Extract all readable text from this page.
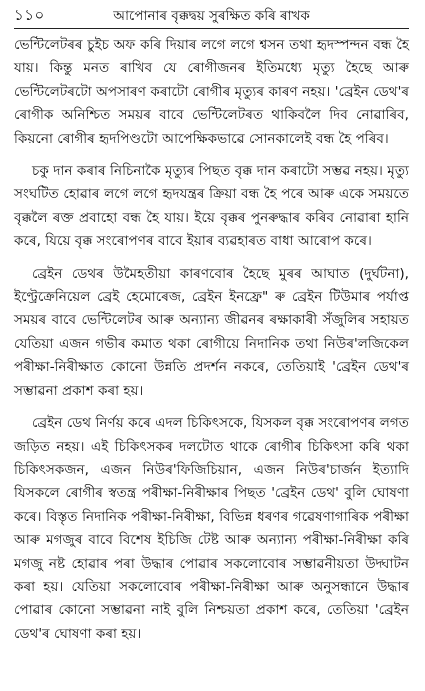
১১০	আপোনাৰ বৃক্কদ্বয় সুৰক্ষিত কৰি ৰাখক

ভেন্টিলেটৰৰ চুইচ অফ কৰি দিয়াৰ লগে লগে শ্বসন তথা হৃদস্পন্দন বন্ধ হৈ যায়। কিন্তু মনত ৰাখিব যে ৰোগীজনৰ ইতিমধ্যে মৃত্যু হৈছে আৰু ভেন্টিলেটৰটো অপসাৰণ কৰাটো ৰোগীৰ মৃত্যুৰ কাৰণ নহয়। 'ব্ৰেইন ডেথ'ৰ ৰোগীক অনিশ্চিত সময়ৰ বাবে ভেন্টিলেটৰত থাকিবলৈ দিব নোৱাৰিব, কিয়নো ৰোগীৰ হৃদপিণ্ডটো আপেক্ষিকভাৱে সোনকালেই বন্ধ হৈ পৰিব।

চকু দান কৰাৰ নিচিনাকৈ মৃত্যুৰ পিছত বৃক্ক দান কৰাটো সম্ভৱ নহয়। মৃত্যু সংঘটিত হোৱাৰ লগে লগে হৃদযন্ত্ৰৰ ক্ৰিয়া বন্ধ হৈ পৰে আৰু একে সময়তে বৃক্কলৈ ৰক্ত প্ৰবাহো বন্ধ হৈ যায়। ইয়ে বৃক্কৰ পুনৰুদ্ধাৰ কৰিব নোৱাৰা হানি কৰে, যিয়ে বৃক্ক সংৰোপণৰ বাবে ইয়াৰ ব্যৱহাৰত বাধা আৰোপ কৰে।

ব্ৰেইন ডেথৰ উমৈহতীয়া কাৰণবোৰ হৈছে মুৰৰ আঘাত (দুৰ্ঘটনা), ইণ্ট্ৰেক্ৰেনিয়েল ব্ৰেই হেমোৰেজ, ব্ৰেইন ইনফ্ৰে" ৰু ব্ৰেইন টিউমাৰ পৰ্যাপ্ত সময়ৰ বাবে ভেন্টিলেটৰ আৰু অন্যান্য জীৱনৰ ৰক্ষাকাৰী সঁজুলিৰ সহায়ত যেতিয়া এজন গভীৰ কমাত থকা ৰোগীয়ে নিদানিক তথা নিউৰ'লজিকেল পৰীক্ষা-নিৰীক্ষাত কোনো উন্নতি প্ৰদৰ্শন নকৰে, তেতিয়াই 'ব্ৰেইন ডেথ'ৰ সম্ভাৱনা প্ৰকাশ কৰা হয়।

ব্ৰেইন ডেথ নিৰ্ণয় কৰে এদল চিকিৎসকে, যিসকল বৃক্ক সংৰোপণৰ লগত জড়িত নহয়। এই চিকিৎসকৰ দলটোত থাকে ৰোগীৰ চিকিৎসা কৰি থকা চিকিৎসকজন, এজন নিউৰ'ফিজিচিয়ান, এজন নিউৰ'চাৰ্জন ইত্যাদি যিসকলে ৰোগীৰ স্বতন্ত্ৰ পৰীক্ষা-নিৰীক্ষাৰ পিছত 'ব্ৰেইন ডেথ' বুলি ঘোষণা কৰে। বিস্তৃত নিদানিক পৰীক্ষা-নিৰীক্ষা, বিভিন্ন ধৰণৰ গৱেষণাগাৰিক পৰীক্ষা আৰু মগজুৰ বাবে বিশেষ ইচিজি টেষ্ট আৰু অন্যান্য পৰীক্ষা-নিৰীক্ষা কৰি মগজু নষ্ট হোৱাৰ পৰা উদ্ধাৰ পোৱাৰ সকলোবোৰ সম্ভাৱনীয়তা উদ্ঘাটন কৰা হয়। যেতিয়া সকলোবোৰ পৰীক্ষা-নিৰীক্ষা আৰু অনুসন্ধানে উদ্ধাৰ পোৱাৰ কোনো সম্ভাৱনা নাই বুলি নিশ্চয়তা প্ৰকাশ কৰে, তেতিয়া 'ব্ৰেইন ডেথ'ৰ ঘোষণা কৰা হয়।
